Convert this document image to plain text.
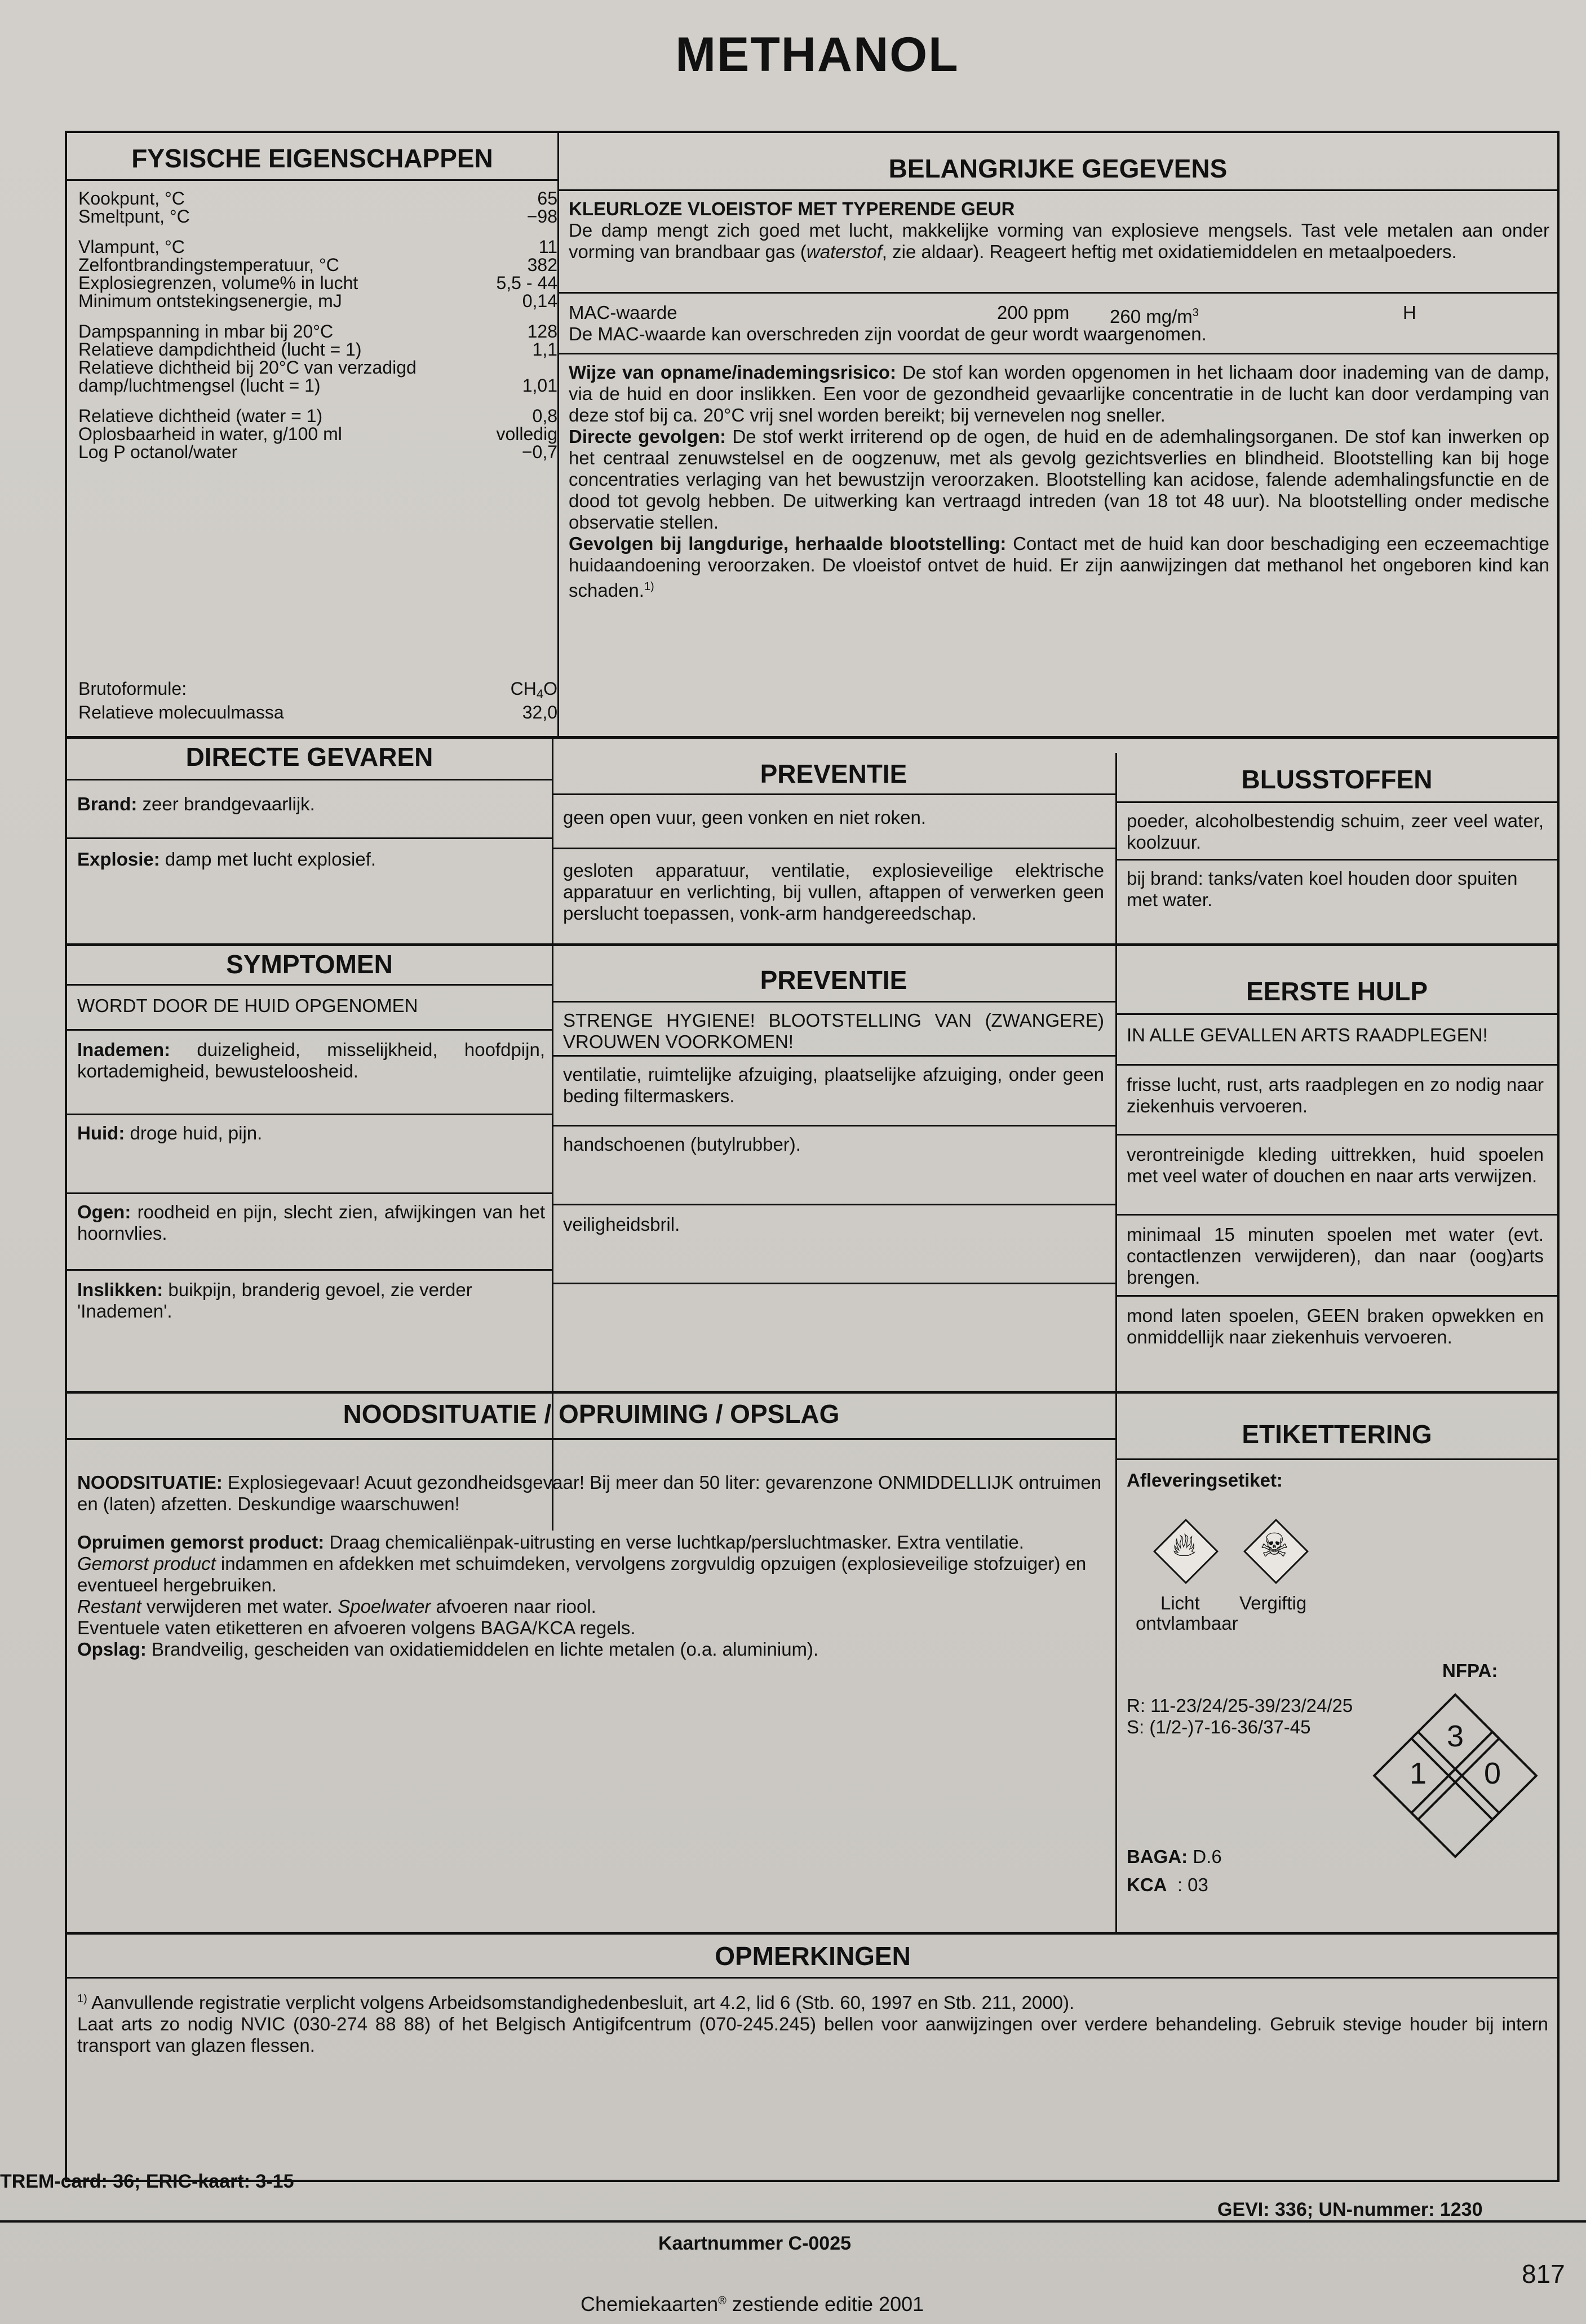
METHANOL
FYSISCHE EIGENSCHAPPEN	BELANGRIJKE GEGEVENS
Kookpunt, °C	65
Smeltpunt, °C	−98
Vlampunt, °C	11
Zelfontbrandingstemperatuur, °C	382
Explosiegrenzen, volume% in lucht	5,5 - 44
Minimum ontstekingsenergie, mJ	0,14
Dampspanning in mbar bij 20°C	128
Relatieve dampdichtheid (lucht = 1)	1,1
Relatieve dichtheid bij 20°C van verzadigd
damp/luchtmengsel (lucht = 1)	1,01
Relatieve dichtheid (water = 1)	0,8
Oplosbaarheid in water, g/100 ml	volledig
Log P octanol/water	−0,7
Brutoformule:	$CH_4O$
Relatieve molecuulmassa	32,0
KLEURLOZE VLOEISTOF MET TYPERENDE GEUR
De damp mengt zich goed met lucht, makkelijke vorming van explosieve mengsels. Tast vele metalen aan onder vorming van brandbaar gas (waterstof, zie aldaar). Reageert heftig met oxidatiemiddelen en metaalpoeders.
MAC-waarde	200 ppm 260 $mg/m^3$	H
De MAC-waarde kan overschreden zijn voordat de geur wordt waargenomen.
Wijze van opname/inademingsrisico: De stof kan worden opgenomen in het lichaam door inademing van de damp, via de huid en door inslikken. Een voor de gezondheid gevaarlijke concentratie in de lucht kan door verdamping van deze stof bij ca. 20°C vrij snel worden bereikt; bij vernevelen nog sneller.
Directe gevolgen: De stof werkt irriterend op de ogen, de huid en de ademhalingsorganen. De stof kan inwerken op het centraal zenuwstelsel en de oogzenuw, met als gevolg gezichtsverlies en blindheid. Blootstelling kan bij hoge concentraties verlaging van het bewustzijn veroorzaken. Blootstelling kan acidose, falende ademhalingsfunctie en de dood tot gevolg hebben. De uitwerking kan vertraagd intreden (van 18 tot 48 uur). Na blootstelling onder medische observatie stellen.
Gevolgen bij langdurige, herhaalde blootstelling: Contact met de huid kan door beschadiging een eczeemachtige huidaandoening veroorzaken. De vloeistof ontvet de huid. Er zijn aanwijzingen dat methanol het ongeboren kind kan schaden.$^{1)}$
DIRECTE GEVAREN
PREVENTIE	BLUSSTOFFEN
Brand: zeer brandgevaarlijk.
geen open vuur, geen vonken en niet roken.	poeder, alcoholbestendig schuim, zeer veel water, koolzuur.
Explosie: damp met lucht explosief.
gesloten apparatuur, ventilatie, explosieveilige elektrische apparatuur en verlichting, bij vullen, aftappen of verwerken geen perslucht toepassen, vonk-arm handgereedschap.
bij brand: tanks/vaten koel houden door spuiten met water.
SYMPTOMEN
PREVENTIE	EERSTE HULP
WORDT DOOR DE HUID OPGENOMEN
STRENGE HYGIENE! BLOOTSTELLING VAN (ZWANGERE) VROUWEN VOORKOMEN!	IN ALLE GEVALLEN ARTS RAADPLEGEN!
Inademen: duizeligheid, misselijkheid, hoofdpijn, kortademigheid, bewusteloosheid.	ventilatie, ruimtelijke afzuiging, plaatselijke afzuiging, onder geen beding filtermaskers.
frisse lucht, rust, arts raadplegen en zo nodig naar ziekenhuis vervoeren.
Huid: droge huid, pijn.
handschoenen (butylrubber).	verontreinigde kleding uittrekken, huid spoelen met veel water of douchen en naar arts verwijzen.
Ogen: roodheid en pijn, slecht zien, afwijkingen van het hoornvlies.	veiligheidsbril.	minimaal 15 minuten spoelen met water (evt. contactlenzen verwijderen), dan naar (oog)arts brengen.
Inslikken: buikpijn, branderig gevoel, zie verder 'Inademen'.	mond laten spoelen, GEEN braken opwekken en onmiddellijk naar ziekenhuis vervoeren.
NOODSITUATIE / OPRUIMING / OPSLAG
ETIKETTERING
NOODSITUATIE: Explosiegevaar! Acuut gezondheidsgevaar! Bij meer dan 50 liter: gevarenzone ONMIDDELLIJK ontruimen en (laten) afzetten. Deskundige waarschuwen!
Opruimen gemorst product: Draag chemicaliënpak-uitrusting en verse luchtkap/persluchtmasker. Extra ventilatie.
Gemorst product indammen en afdekken met schuimdeken, vervolgens zorgvuldig opzuigen (explosieveilige stofzuiger) en eventueel hergebruiken.
Restant verwijderen met water. Spoelwater afvoeren naar riool.
Eventuele vaten etiketteren en afvoeren volgens BAGA/KCA regels.
Opslag: Brandveilig, gescheiden van oxidatiemiddelen en lichte metalen (o.a. aluminium).
Afleveringsetiket:
🔥︎
Licht
ontvlambaar
☠
Vergiftig
NFPA:
R: 11-23/24/25-39/23/24/25
S: (1/2-)7-16-36/37-45	3
1	0
BAGA: D.6
KCA  : 03
OPMERKINGEN
$^{1)}$ Aanvullende registratie verplicht volgens Arbeidsomstandighedenbesluit, art 4.2, lid 6 (Stb. 60, 1997 en Stb. 211, 2000).
Laat arts zo nodig NVIC (030-274 88 88) of het Belgisch Antigifcentrum (070-245.245) bellen voor aanwijzingen over verdere behandeling. Gebruik stevige houder bij intern transport van glazen flessen.
TREM-card: 36; ERIC-kaart: 3-15
GEVI: 336; UN-nummer: 1230
Kaartnummer C-0025
Chemiekaarten® zestiende editie 2001
817
